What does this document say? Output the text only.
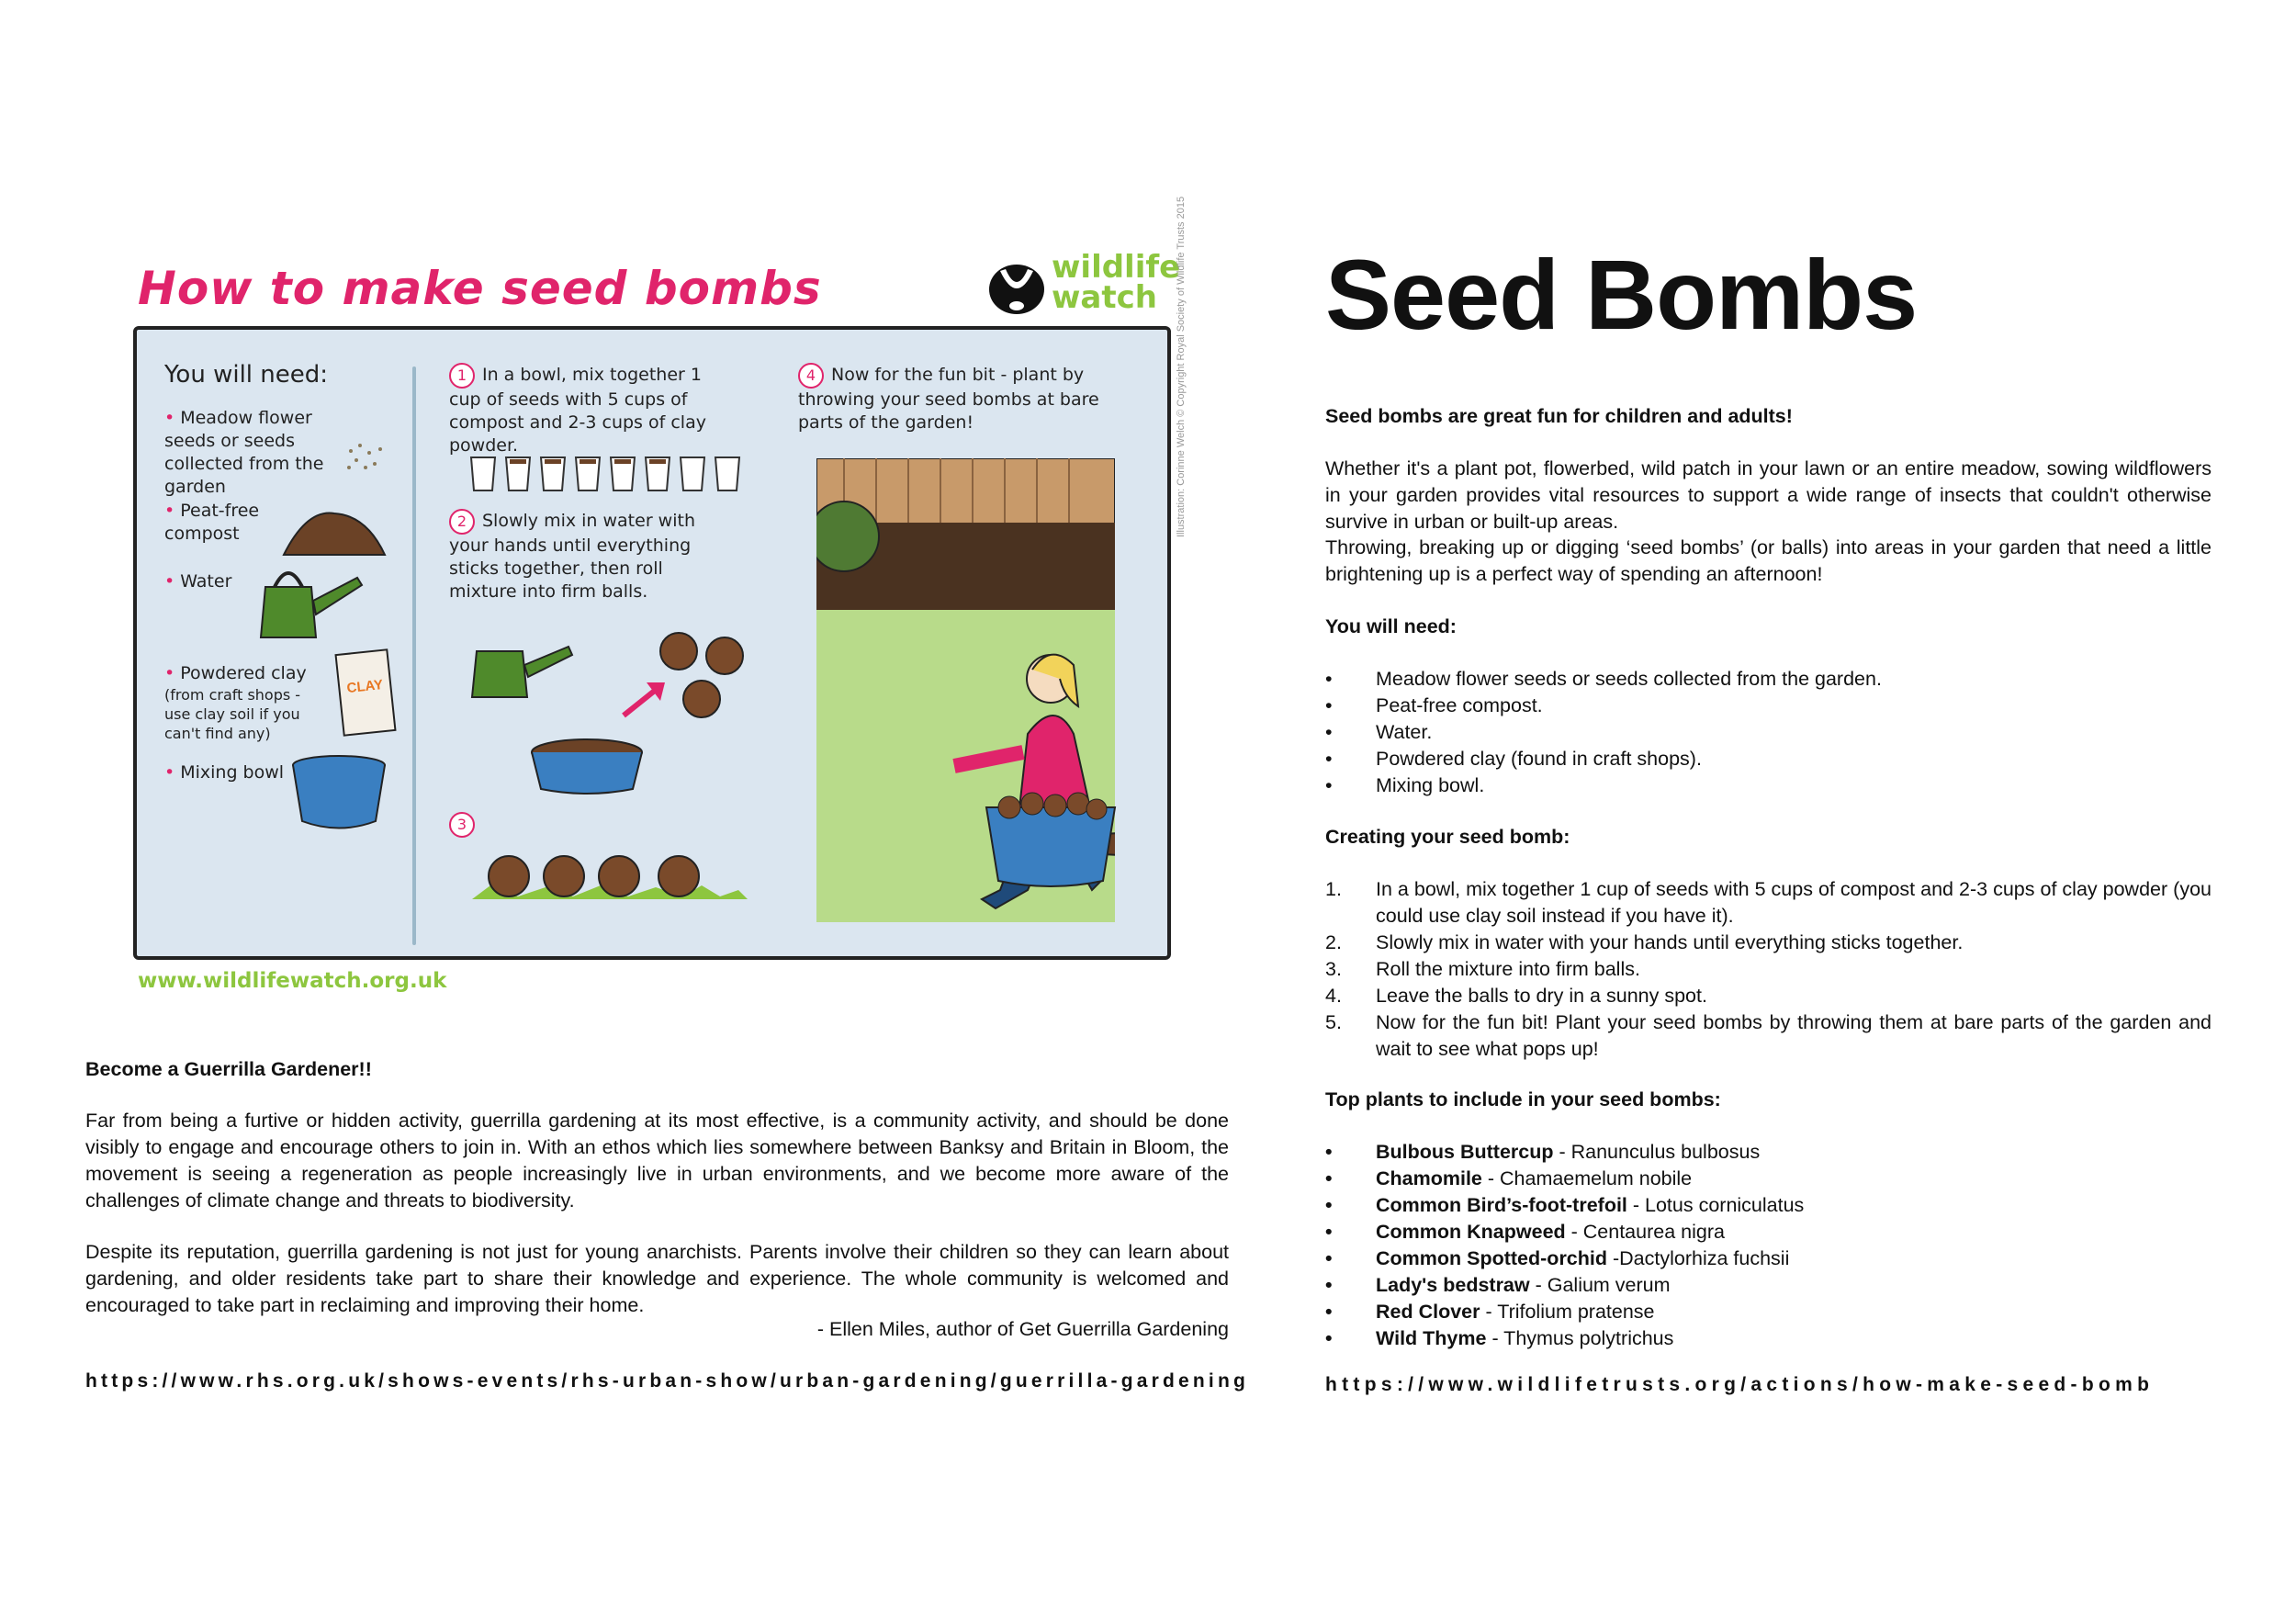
How to make seed bombs	wildlife
watch
You will need:
• Meadow flower seeds or seeds collected from the garden
• Peat-free compost
• Water
• Powdered clay
(from craft shops -use clay soil if you can't find any)
CLAY
• Mixing bowl
1 In a bowl, mix together 1 cup of seeds with 5 cups of compost and 2-3 cups of clay powder.
2 Slowly mix in water with your hands until everything sticks together, then roll mixture into firm balls.
3
4 Now for the fun bit - plant by throwing your seed bombs at bare parts of the garden!	Illustration: Corinne Welch © Copyright Royal Society of Wildlife Trusts 2015
www.wildlifewatch.org.uk
Become a Guerrilla Gardener!!
Far from being a furtive or hidden activity, guerrilla gardening at its most effective, is a community activity, and should be done visibly to engage and encourage others to join in. With an ethos which lies somewhere between Banksy and Britain in Bloom, the movement is seeing a regeneration as people increasingly live in urban environments, and we become more aware of the challenges of climate change and threats to biodiversity.
Despite its reputation, guerrilla gardening is not just for young anarchists. Parents involve their children so they can learn about gardening, and older residents take part to share their knowledge and experience. The whole community is welcomed and encouraged to take part in reclaiming and improving their home.
- Ellen Miles, author of Get Guerrilla Gardening
https://www.rhs.org.uk/shows-events/rhs-urban-show/urban-gardening/guerrilla-gardening
Seed Bombs
Seed bombs are great fun for children and adults!
Whether it's a plant pot, flowerbed, wild patch in your lawn or an entire meadow, sowing wildflowers in your garden provides vital resources to support a wide range of insects that couldn't otherwise survive in urban or built-up areas.
Throwing, breaking up or digging ‘seed bombs’ (or balls) into areas in your garden that need a little brightening up is a perfect way of spending an afternoon!
You will need:
•	Meadow flower seeds or seeds collected from the garden.
•	Peat-free compost.
•	Water.
•	Powdered clay (found in craft shops).
•	Mixing bowl.
Creating your seed bomb:
1.	In a bowl, mix together 1 cup of seeds with 5 cups of compost and 2-3 cups of clay powder (you could use clay soil instead if you have it).
2.	Slowly mix in water with your hands until everything sticks together.
3.	Roll the mixture into firm balls.
4.	Leave the balls to dry in a sunny spot.
5.	Now for the fun bit! Plant your seed bombs by throwing them at bare parts of the garden and wait to see what pops up!
Top plants to include in your seed bombs:
•	Bulbous Buttercup - Ranunculus bulbosus
•	Chamomile - Chamaemelum nobile
•	Common Bird’s-foot-trefoil - Lotus corniculatus
•	Common Knapweed - Centaurea nigra
•	Common Spotted-orchid -Dactylorhiza fuchsii
•	Lady's bedstraw - Galium verum
•	Red Clover - Trifolium pratense
•	Wild Thyme - Thymus polytrichus
https://www.wildlifetrusts.org/actions/how-make-seed-bomb
